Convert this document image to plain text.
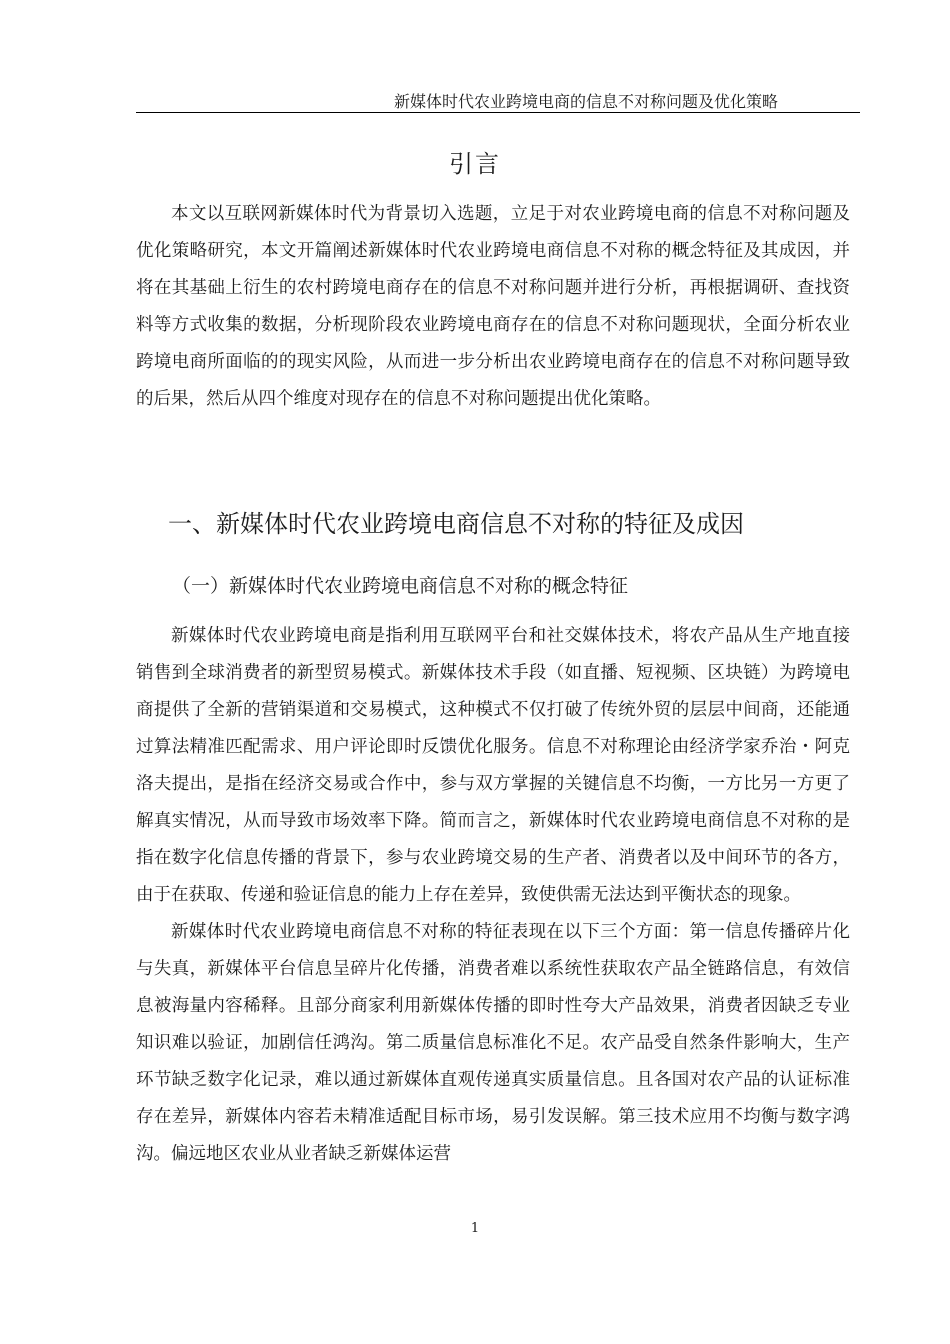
新媒体时代农业跨境电商的信息不对称问题及优化策略
引言

本文以互联网新媒体时代为背景切入选题，立足于对农业跨境电商的信息不对称问题及优化策略研究，本文开篇阐述新媒体时代农业跨境电商信息不对称的概念特征及其成因，并将在其基础上衍生的农村跨境电商存在的信息不对称问题并进行分析，再根据调研、查找资料等方式收集的数据，分析现阶段农业跨境电商存在的信息不对称问题现状，全面分析农业跨境电商所面临的的现实风险，从而进一步分析出农业跨境电商存在的信息不对称问题导致的后果，然后从四个维度对现存在的信息不对称问题提出优化策略。

一、新媒体时代农业跨境电商信息不对称的特征及成因
（一）新媒体时代农业跨境电商信息不对称的概念特征

新媒体时代农业跨境电商是指利用互联网平台和社交媒体技术，将农产品从生产地直接销售到全球消费者的新型贸易模式。新媒体技术手段（如直播、短视频、区块链）为跨境电商提供了全新的营销渠道和交易模式，这种模式不仅打破了传统外贸的层层中间商，还能通过算法精准匹配需求、用户评论即时反馈优化服务。信息不对称理论由经济学家乔治・阿克洛夫提出，是指在经济交易或合作中，参与双方掌握的关键信息不均衡，一方比另一方更了解真实情况，从而导致市场效率下降。简而言之，新媒体时代农业跨境电商信息不对称的是指在数字化信息传播的背景下，参与农业跨境交易的生产者、消费者以及中间环节的各方，由于在获取、传递和验证信息的能力上存在差异，致使供需无法达到平衡状态的现象。

新媒体时代农业跨境电商信息不对称的特征表现在以下三个方面：第一信息传播碎片化与失真，新媒体平台信息呈碎片化传播，消费者难以系统性获取农产品全链路信息，有效信息被海量内容稀释。且部分商家利用新媒体传播的即时性夸大产品效果，消费者因缺乏专业知识难以验证，加剧信任鸿沟。第二质量信息标准化不足。农产品受自然条件影响大，生产环节缺乏数字化记录，难以通过新媒体直观传递真实质量信息。且各国对农产品的认证标准存在差异，新媒体内容若未精准适配目标市场，易引发误解。第三技术应用不均衡与数字鸿沟。偏远地区农业从业者缺乏新媒体运营

1
